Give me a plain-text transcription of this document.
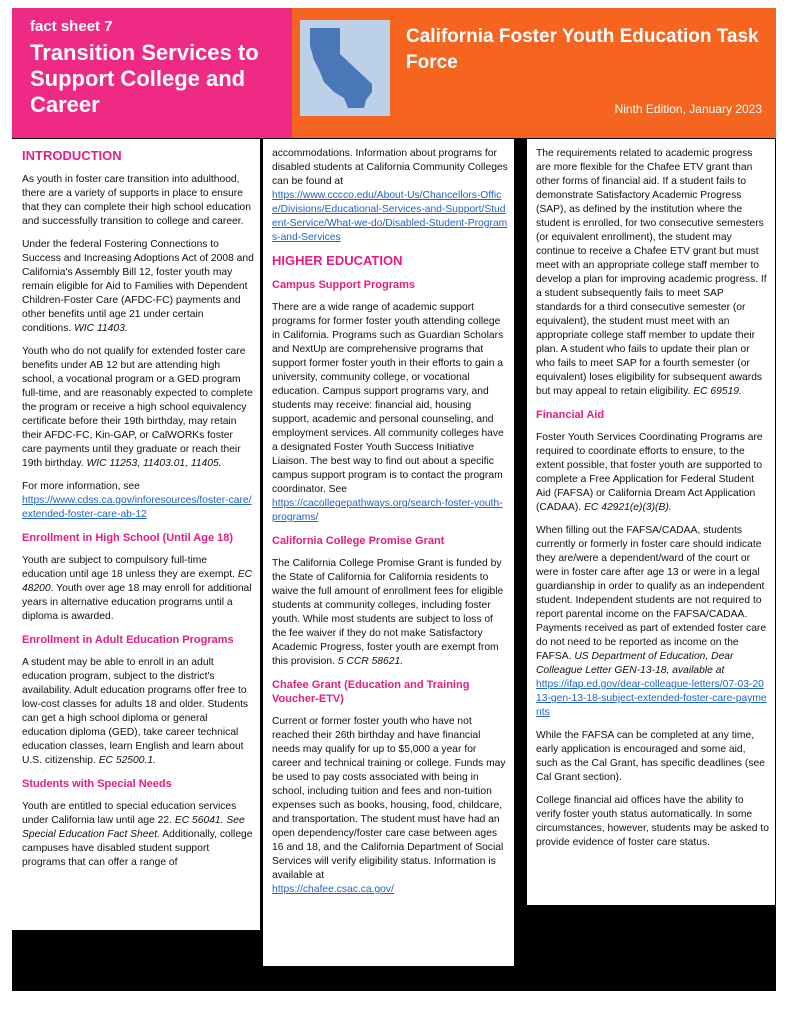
fact sheet 7
Transition Services to Support College and Career
California Foster Youth Education Task Force
Ninth Edition, January 2023
INTRODUCTION

As youth in foster care transition into adulthood, there are a variety of supports in place to ensure that they can complete their high school education and successfully transition to college and career.

Under the federal Fostering Connections to Success and Increasing Adoptions Act of 2008 and California's Assembly Bill 12, foster youth may remain eligible for Aid to Families with Dependent Children-Foster Care (AFDC-FC) payments and other benefits until age 21 under certain conditions. WIC 11403.

Youth who do not qualify for extended foster care benefits under AB 12 but are attending high school, a vocational program or a GED program full-time, and are reasonably expected to complete the program or receive a high school equivalency certificate before their 19th birthday, may retain their AFDC-FC, Kin-GAP, or CalWORKs foster care payments until they graduate or reach their 19th birthday. WIC 11253, 11403.01, 11405.

For more information, see
https://www.cdss.ca.gov/inforesources/foster-care/extended-foster-care-ab-12

Enrollment in High School (Until Age 18)

Youth are subject to compulsory full-time education until age 18 unless they are exempt. EC 48200. Youth over age 18 may enroll for additional years in alternative education programs until a diploma is awarded.

Enrollment in Adult Education Programs

A student may be able to enroll in an adult education program, subject to the district's availability. Adult education programs offer free to low-cost classes for adults 18 and older. Students can get a high school diploma or general education diploma (GED), take career technical education classes, learn English and learn about U.S. citizenship. EC 52500.1.

Students with Special Needs

Youth are entitled to special education services under California law until age 22. EC 56041. See Special Education Fact Sheet. Additionally, college campuses have disabled student support programs that can offer a range of

accommodations. Information about programs for disabled students at California Community Colleges can be found at
https://www.cccco.edu/About-Us/Chancellors-Office/Divisions/Educational-Services-and-Support/Student-Service/What-we-do/Disabled-Student-Programs-and-Services

HIGHER EDUCATION
Campus Support Programs

There are a wide range of academic support programs for former foster youth attending college in California. Programs such as Guardian Scholars and NextUp are comprehensive programs that support former foster youth in their efforts to gain a university, community college, or vocational education. Campus support programs vary, and students may receive: financial aid, housing support, academic and personal counseling, and employment services. All community colleges have a designated Foster Youth Success Initiative Liaison. The best way to find out about a specific campus support program is to contact the program coordinator. See
https://cacollegepathways.org/search-foster-youth-programs/

California College Promise Grant

The California College Promise Grant is funded by the State of California for California residents to waive the full amount of enrollment fees for eligible students at community colleges, including foster youth. While most students are subject to loss of the fee waiver if they do not make Satisfactory Academic Progress, foster youth are exempt from this provision. 5 CCR 58621.

Chafee Grant (Education and Training Voucher-ETV)

Current or former foster youth who have not reached their 26th birthday and have financial needs may qualify for up to $5,000 a year for career and technical training or college. Funds may be used to pay costs associated with being in school, including tuition and fees and non-tuition expenses such as books, housing, food, childcare, and transportation. The student must have had an open dependency/foster care case between ages 16 and 18, and the California Department of Social Services will verify eligibility status. Information is available at
https://chafee.csac.ca.gov/

The requirements related to academic progress are more flexible for the Chafee ETV grant than other forms of financial aid. If a student fails to demonstrate Satisfactory Academic Progress (SAP), as defined by the institution where the student is enrolled, for two consecutive semesters (or equivalent enrollment), the student may continue to receive a Chafee ETV grant but must meet with an appropriate college staff member to develop a plan for improving academic progress. If a student subsequently fails to meet SAP standards for a third consecutive semester (or equivalent), the student must meet with an appropriate college staff member to update their plan. A student who fails to update their plan or who fails to meet SAP for a fourth semester (or equivalent) loses eligibility for subsequent awards but may appeal to retain eligibility. EC 69519.

Financial Aid

Foster Youth Services Coordinating Programs are required to coordinate efforts to ensure, to the extent possible, that foster youth are supported to complete a Free Application for Federal Student Aid (FAFSA) or California Dream Act Application (CADAA). EC 42921(e)(3)(B).

When filling out the FAFSA/CADAA, students currently or formerly in foster care should indicate they are/were a dependent/ward of the court or were in foster care after age 13 or were in a legal guardianship in order to qualify as an independent student. Independent students are not required to report parental income on the FAFSA/CADAA. Payments received as part of extended foster care do not need to be reported as income on the FAFSA. US Department of Education, Dear Colleague Letter GEN-13-18, available at
https://ifap.ed.gov/dear-colleague-letters/07-03-2013-gen-13-18-subject-extended-foster-care-payments

While the FAFSA can be completed at any time, early application is encouraged and some aid, such as the Cal Grant, has specific deadlines (see Cal Grant section).

College financial aid offices have the ability to verify foster youth status automatically. In some circumstances, however, students may be asked to provide evidence of foster care status.
